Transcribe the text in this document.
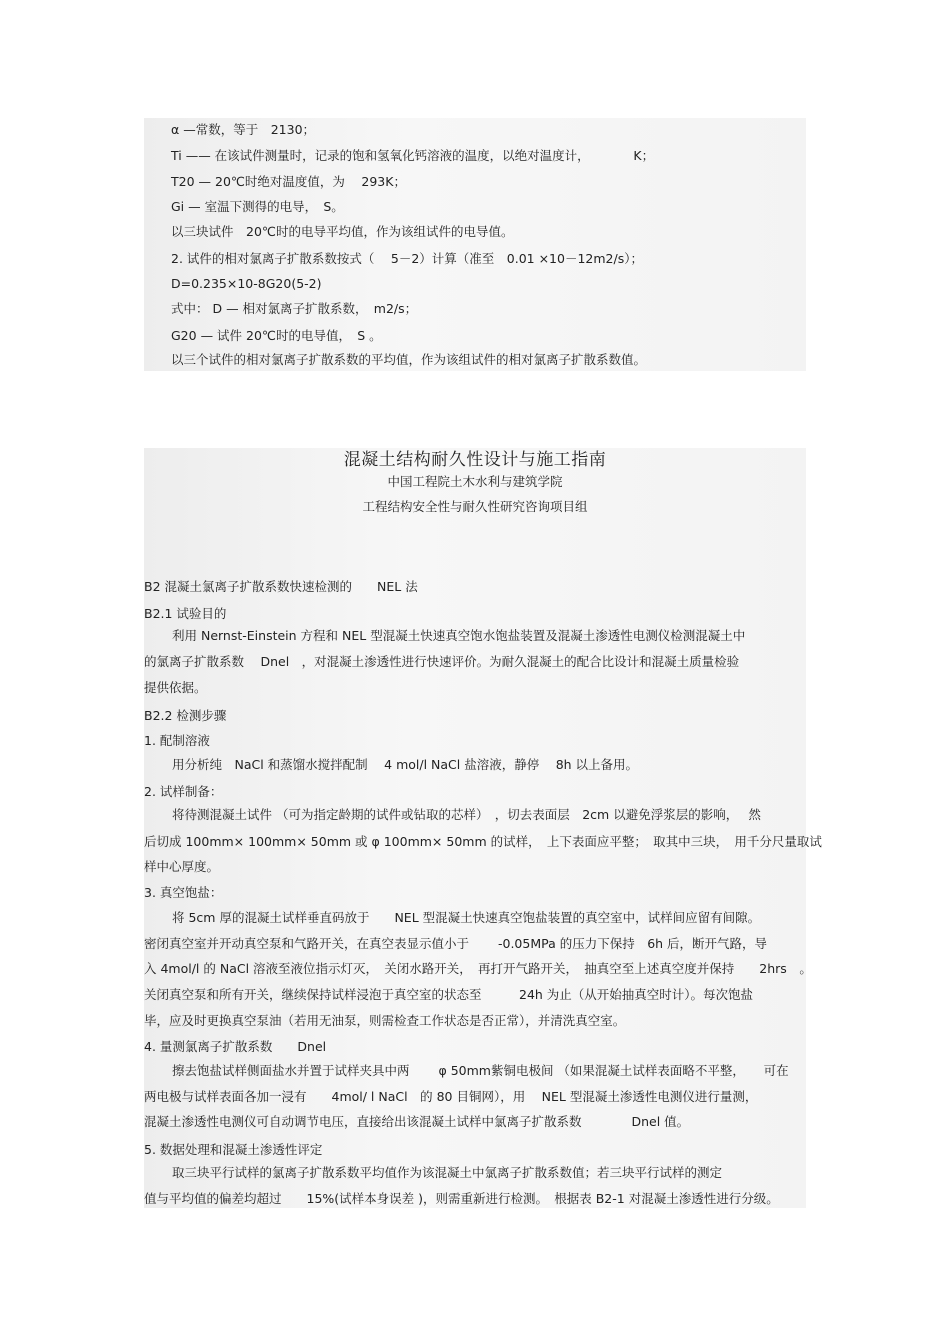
α —常数，等于　2130；
Ti —— 在该试件测量时，记录的饱和氢氧化钙溶液的温度，以绝对温度计，　　　　K；
T20 — 20℃时绝对温度值，为　 293K；
Gi — 室温下测得的电导，　S。
以三块试件　20℃时的电导平均值，作为该组试件的电导值。
2. 试件的相对氯离子扩散系数按式（　 5－2）计算（准至　0.01 ×10－12m2/s）；
D=0.235×10-8G20(5-2)
式中： D — 相对氯离子扩散系数，　m2/s；
G20 — 试件 20℃时的电导值，　S 。
以三个试件的相对氯离子扩散系数的平均值，作为该组试件的相对氯离子扩散系数值。
混凝土结构耐久性设计与施工指南
中国工程院土木水利与建筑学院
工程结构安全性与耐久性研究咨询项目组
B2 混凝土氯离子扩散系数快速检测的　　NEL 法
B2.1 试验目的
利用 Nernst-Einstein 方程和 NEL 型混凝土快速真空饱水饱盐装置及混凝土渗透性电测仪检测混凝土中
的氯离子扩散系数　 Dnel　，对混凝土渗透性进行快速评价。为耐久混凝土的配合比设计和混凝土质量检验
提供依据。
B2.2 检测步骤
1. 配制溶液
用分析纯　NaCl 和蒸馏水搅拌配制　 4 mol/l NaCl 盐溶液，静停　 8h 以上备用。
2. 试样制备：
将待测混凝土试件 （可为指定龄期的试件或钻取的芯样）　，切去表面层　2cm 以避免浮浆层的影响，　 然
后切成 100mm× 100mm× 50mm 或 φ 100mm× 50mm 的试样，　上下表面应平整；　取其中三块，　用千分尺量取试
样中心厚度。
3. 真空饱盐：
将 5cm 厚的混凝土试样垂直码放于　　NEL 型混凝土快速真空饱盐装置的真空室中，试样间应留有间隙。
密闭真空室并开动真空泵和气路开关，在真空表显示值小于　　 -0.05MPa 的压力下保持　6h 后，断开气路，导
入 4mol/l 的 NaCl 溶液至液位指示灯灭，　关闭水路开关，　再打开气路开关，　抽真空至上述真空度并保持　　2hrs　。
关闭真空泵和所有开关，继续保持试样浸泡于真空室的状态至　　　24h 为止（从开始抽真空时计）。每次饱盐
毕，应及时更换真空泵油（若用无油泵，则需检查工作状态是否正常），并清洗真空室。
4. 量测氯离子扩散系数　　Dnel
擦去饱盐试样侧面盐水并置于试样夹具中两　　 φ 50mm紫铜电极间 （如果混凝土试样表面略不平整，　　可在
两电极与试样表面各加一浸有　　4mol/ l NaCl　的 80 目铜网），用　 NEL 型混凝土渗透性电测仪进行量测，
混凝土渗透性电测仪可自动调节电压，直接给出该混凝土试样中氯离子扩散系数　　　　Dnel 值。
5. 数据处理和混凝土渗透性评定
取三块平行试样的氯离子扩散系数平均值作为该混凝土中氯离子扩散系数值；若三块平行试样的测定
值与平均值的偏差均超过　　15%(试样本身误差 )，则需重新进行检测。　根据表 B2-1 对混凝土渗透性进行分级。
